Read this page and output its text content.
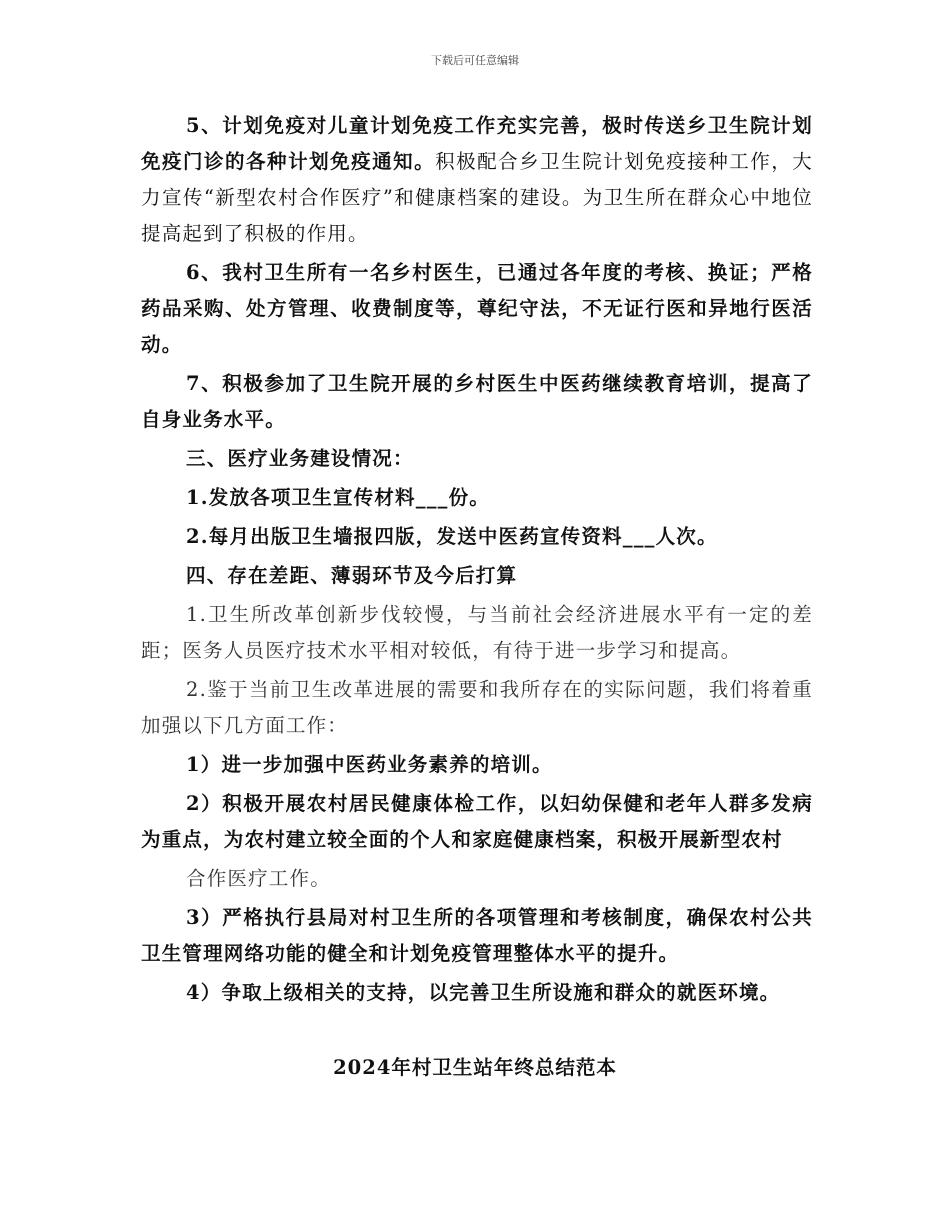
下载后可任意编辑

5、计划免疫对儿童计划免疫工作充实完善，极时传送乡卫生院计划免疫门诊的各种计划免疫通知。积极配合乡卫生院计划免疫接种工作，大力宣传“新型农村合作医疗”和健康档案的建设。为卫生所在群众心中地位提高起到了积极的作用。

6、我村卫生所有一名乡村医生，已通过各年度的考核、换证；严格药品采购、处方管理、收费制度等，尊纪守法，不无证行医和异地行医活动。

7、积极参加了卫生院开展的乡村医生中医药继续教育培训，提高了自身业务水平。

三、医疗业务建设情况：

1.发放各项卫生宣传材料___份。

2.每月出版卫生墙报四版，发送中医药宣传资料___人次。

四、存在差距、薄弱环节及今后打算

1.卫生所改革创新步伐较慢，与当前社会经济进展水平有一定的差距；医务人员医疗技术水平相对较低，有待于进一步学习和提高。

2.鉴于当前卫生改革进展的需要和我所存在的实际问题，我们将着重加强以下几方面工作：

1）进一步加强中医药业务素养的培训。

2）积极开展农村居民健康体检工作，以妇幼保健和老年人群多发病为重点，为农村建立较全面的个人和家庭健康档案，积极开展新型农村

合作医疗工作。

3）严格执行县局对村卫生所的各项管理和考核制度，确保农村公共卫生管理网络功能的健全和计划免疫管理整体水平的提升。

4）争取上级相关的支持，以完善卫生所设施和群众的就医环境。

2024年村卫生站年终总结范本
